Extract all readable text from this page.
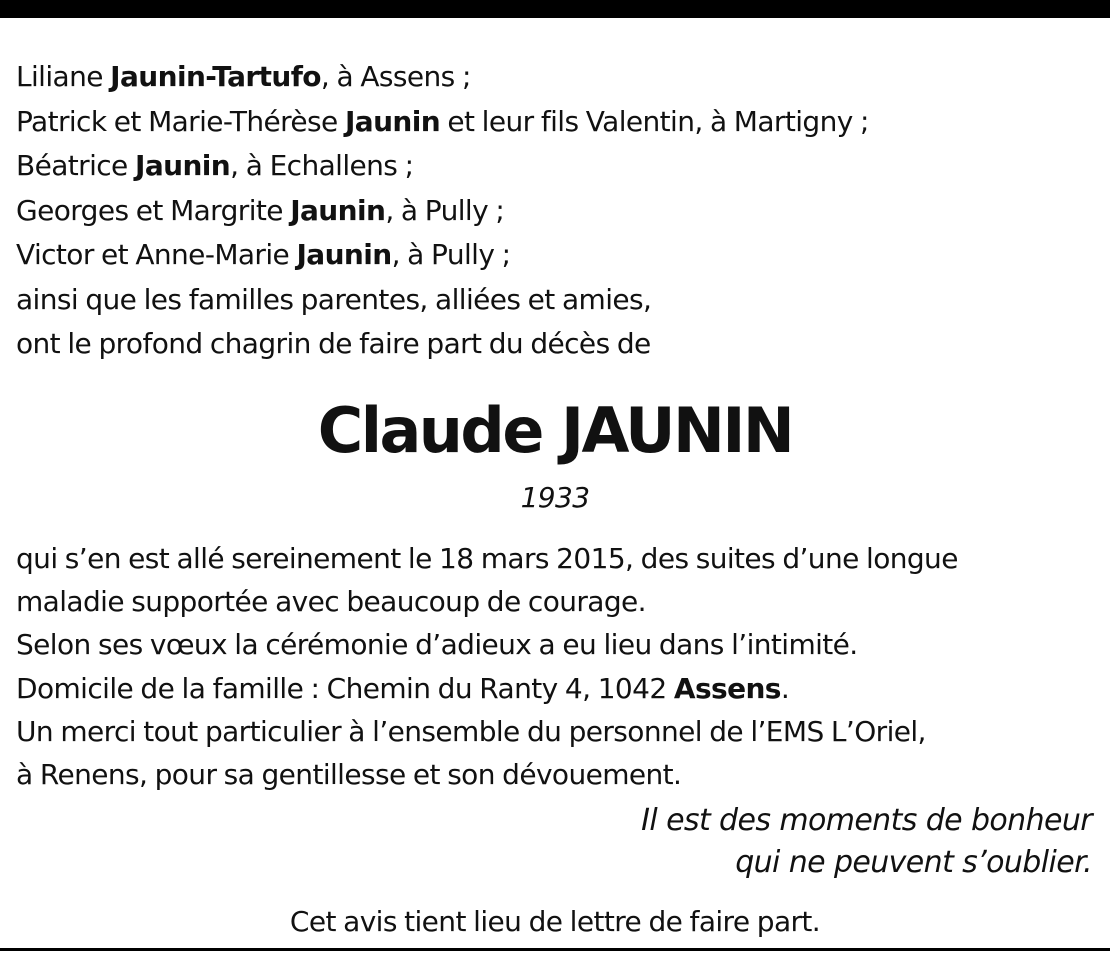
Liliane Jaunin-Tartufo, à Assens ;
Patrick et Marie-Thérèse Jaunin et leur fils Valentin, à Martigny ;
Béatrice Jaunin, à Echallens ;
Georges et Margrite Jaunin, à Pully ;
Victor et Anne-Marie Jaunin, à Pully ;
ainsi que les familles parentes, alliées et amies,
ont le profond chagrin de faire part du décès de
Claude JAUNIN
1933
qui s’en est allé sereinement le 18 mars 2015, des suites d’une longue
maladie supportée avec beaucoup de courage.
Selon ses vœux la cérémonie d’adieux a eu lieu dans l’intimité.
Domicile de la famille : Chemin du Ranty 4, 1042 Assens.
Un merci tout particulier à l’ensemble du personnel de l’EMS L’Oriel,
à Renens, pour sa gentillesse et son dévouement.
Il est des moments de bonheur
qui ne peuvent s’oublier.
Cet avis tient lieu de lettre de faire part.
